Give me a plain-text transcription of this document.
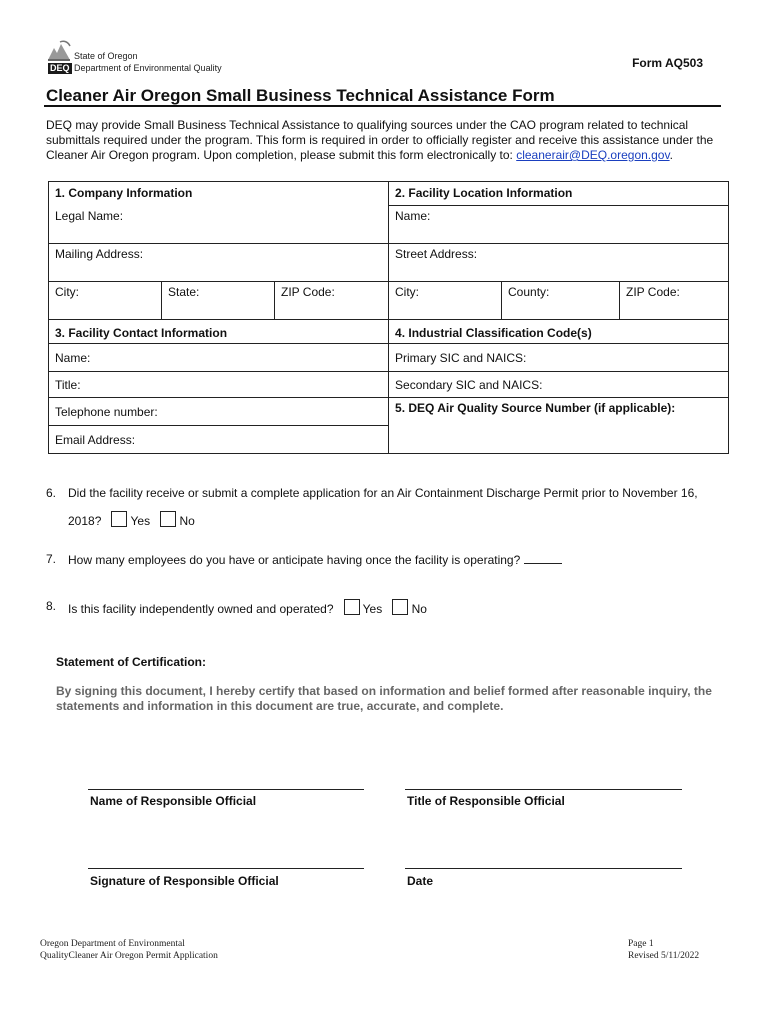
State of Oregon
DEQ Department of Environmental Quality	Form AQ503
Cleaner Air Oregon Small Business Technical Assistance Form
DEQ may provide Small Business Technical Assistance to qualifying sources under the CAO program related to technical submittals required under the program. This form is required in order to officially register and receive this assistance under the Cleaner Air Oregon program. Upon completion, please submit this form electronically to: cleanerair@DEQ.oregon.gov.
1. Company Information			2. Facility Location Information		
Legal Name:			Name:		
Mailing Address:			Street Address:		
City:	State:	ZIP Code:	City:	County:	ZIP Code:
3. Facility Contact Information			4. Industrial Classification Code(s)		
Name:			Primary SIC and NAICS:		
Title:			Secondary SIC and NAICS:		
Telephone number:			5. DEQ Air Quality Source Number (if applicable):		
Email Address:					
6. Did the facility receive or submit a complete application for an Air Containment Discharge Permit prior to November 16,
2018? Yes No
7. How many employees do you have or anticipate having once the facility is operating?
8. Is this facility independently owned and operated? Yes No
Statement of Certification:
By signing this document, I hereby certify that based on information and belief formed after reasonable inquiry, the statements and information in this document are true, accurate, and complete.
Name of Responsible Official	Title of Responsible Official
Signature of Responsible Official	Date
Oregon Department of Environmental
QualityCleaner Air Oregon Permit Application
Page 1
Revised 5/11/2022
